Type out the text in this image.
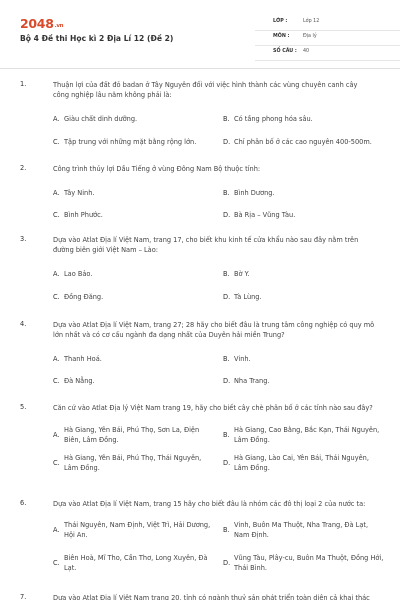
2048.vn
Bộ 4 Đề thi Học kì 2 Địa Lí 12 (Đề 2)
LỚP :	Lớp 12
MÔN :	Địa lý
SỐ CÂU : 40
1.	Thuận lợi của đất đỏ badan ở Tây Nguyên đối với việc hình thành các vùng chuyên canh cây công nghiệp lâu năm không phải là:
A. Giàu chất dinh dưỡng.	B. Có tầng phong hóa sâu.
C. Tập trung với những mặt bằng rộng lớn.	D. Chỉ phân bố ở các cao nguyên 400-500m.
2.	Công trình thủy lợi Dầu Tiếng ở vùng Đông Nam Bộ thuộc tỉnh:
A. Tây Ninh.	B. Bình Dương.
C. Bình Phước.	D. Bà Rịa – Vũng Tàu.
3.	Dựa vào Atlat Địa lí Việt Nam, trang 17, cho biết khu kinh tế cửa khẩu nào sau đây nằm trên đường biên giới Việt Nam – Lào:
A. Lao Bảo.	B. Bờ Y.
C. Đồng Đăng.	D. Tà Lùng.
4.	Dựa vào Atlat Địa lí Việt Nam, trang 27; 28 hãy cho biết đâu là trung tâm công nghiệp có quy mô lớn nhất và có cơ cấu ngành đa dạng nhất của Duyên hải miền Trung?
A. Thanh Hoá.	B. Vinh.
C. Đà Nẵng.	D. Nha Trang.
5.	Căn cứ vào Atlat Địa lý Việt Nam trang 19, hãy cho biết cây chè phân bố ở các tỉnh nào sau đây?
A.
Hà Giang, Yên Bái, Phú Thọ, Sơn La, Điện Biên, Lâm Đồng.
B.
Hà Giang, Cao Bằng, Bắc Kạn, Thái Nguyên, Lâm Đồng.
C.
Hà Giang, Yên Bái, Phú Thọ, Thái Nguyên, Lâm Đồng.
D.
Hà Giang, Lào Cai, Yên Bái, Thái Nguyên, Lâm Đồng.
6.	Dựa vào Atlat Địa lí Việt Nam, trang 15 hãy cho biết đâu là nhóm các đô thị loại 2 của nước ta:
A.
Thái Nguyên, Nam Định, Việt Trì, Hải Dương, Hội An.
B.
Vinh, Buôn Ma Thuột, Nha Trang, Đà Lạt, Nam Định.
C.
Biên Hoà, Mĩ Tho, Cần Thơ, Long Xuyên, Đà Lạt.
D.
Vũng Tàu, Plây-cu, Buôn Ma Thuột, Đồng Hới, Thái Bình.
7.	Dựa vào Atlat Địa lí Việt Nam trang 20, tỉnh có ngành thuỷ sản phát triển toàn diện cả khai thác
